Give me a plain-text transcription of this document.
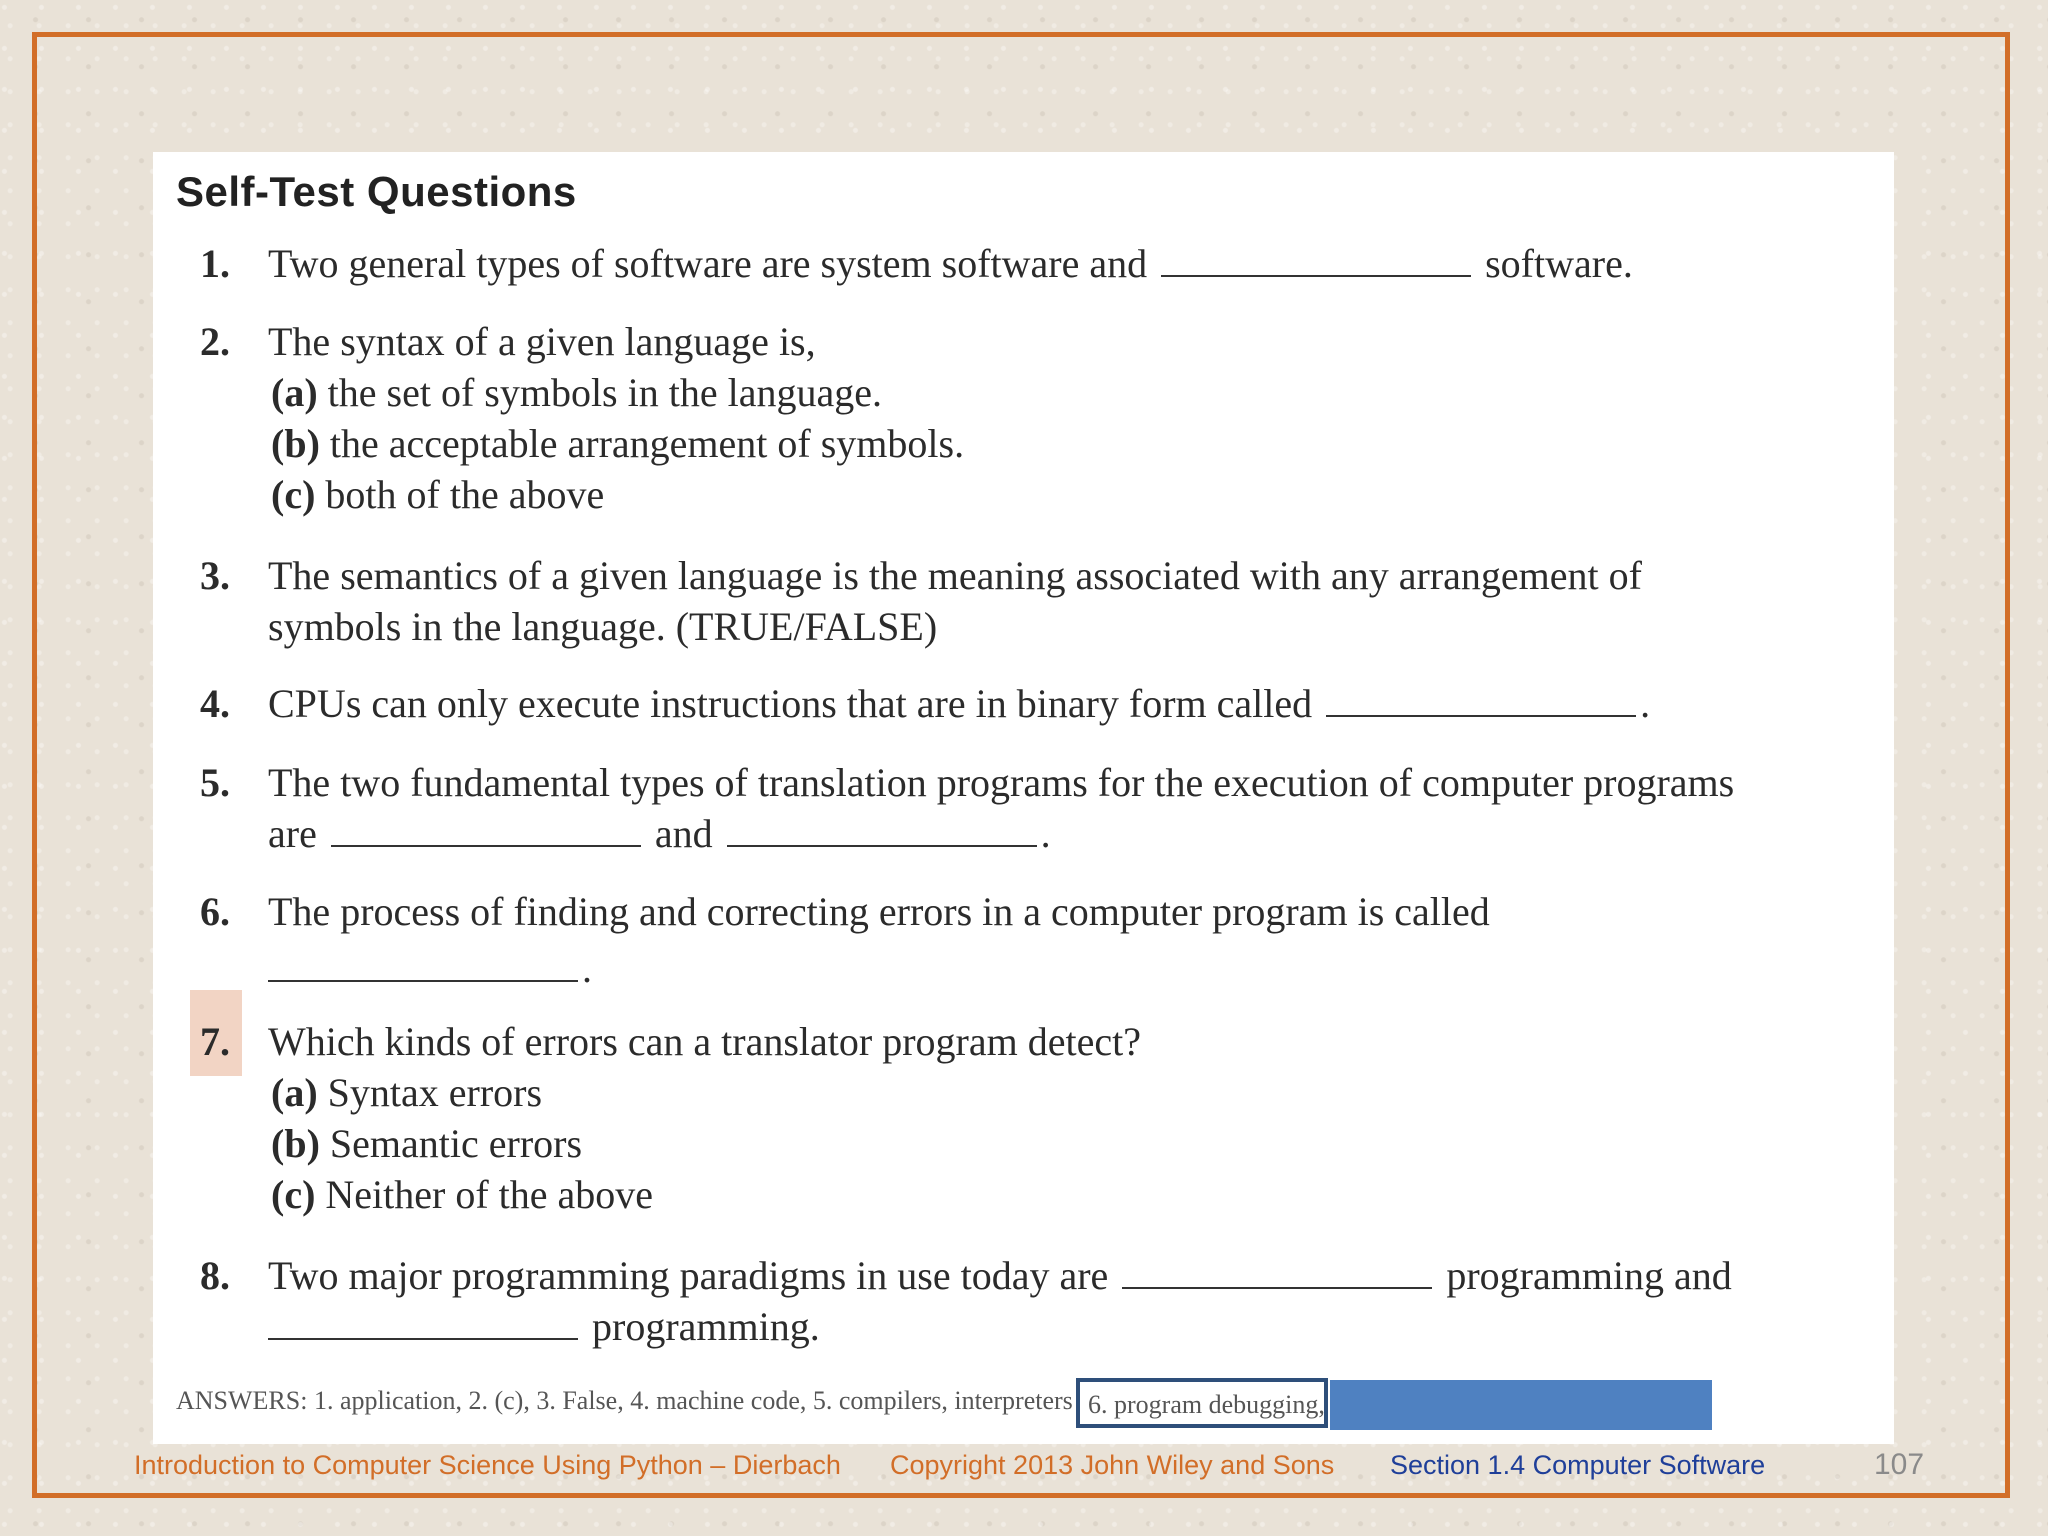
Self-Test Questions
1. Two general types of software are system software and	software.
2. The syntax of a given language is,
(a) the set of symbols in the language.
(b) the acceptable arrangement of symbols.
(c) both of the above
3. The semantics of a given language is the meaning associated with any arrangement of
symbols in the language. (TRUE/FALSE)
4. CPUs can only execute instructions that are in binary form called	.
5. The two fundamental types of translation programs for the execution of computer programs
are	and	.
6. The process of finding and correcting errors in a computer program is called
.
7. Which kinds of errors can a translator program detect?
(a) Syntax errors
(b) Semantic errors
(c) Neither of the above
8. Two major programming paradigms in use today are	programming and
programming.
ANSWERS: 1. application, 2. (c), 3. False, 4. machine code, 5. compilers, interpreters 6. program debugging,
Introduction to Computer Science Using Python – Dierbach Copyright 2013 John Wiley and Sons Section 1.4 Computer Software	107
